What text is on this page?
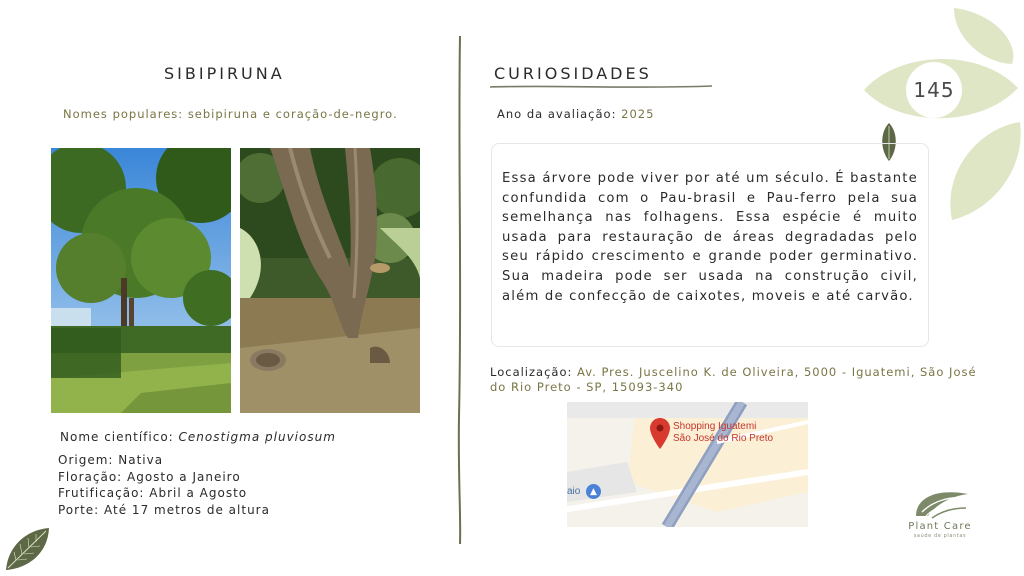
145
SIBIPIRUNA
Nomes populares: sebipiruna e coração-de-negro.
Nome científico: Cenostigma pluviosum
Origem: Nativa
Floração: Agosto a Janeiro
Frutificação: Abril a Agosto
Porte: Até 17 metros de altura
CURIOSIDADES
Ano da avaliação: 2025
Essa árvore pode viver por até um século. É bastante confundida com o Pau-brasil e Pau-ferro pela sua semelhança nas folhagens. Essa espécie é muito usada para restauração de áreas degradadas pelo seu rápido crescimento e grande poder germinativo. Sua madeira pode ser usada na construção civil, além de confecção de caixotes, moveis e até carvão.
Localização: Av. Pres. Juscelino K. de Oliveira, 5000 - Iguatemi, São José do Rio Preto - SP, 15093-340
Shopping Iguatemi
São José do Rio Preto
aio	▲
Plant Care
saúde de plantas
